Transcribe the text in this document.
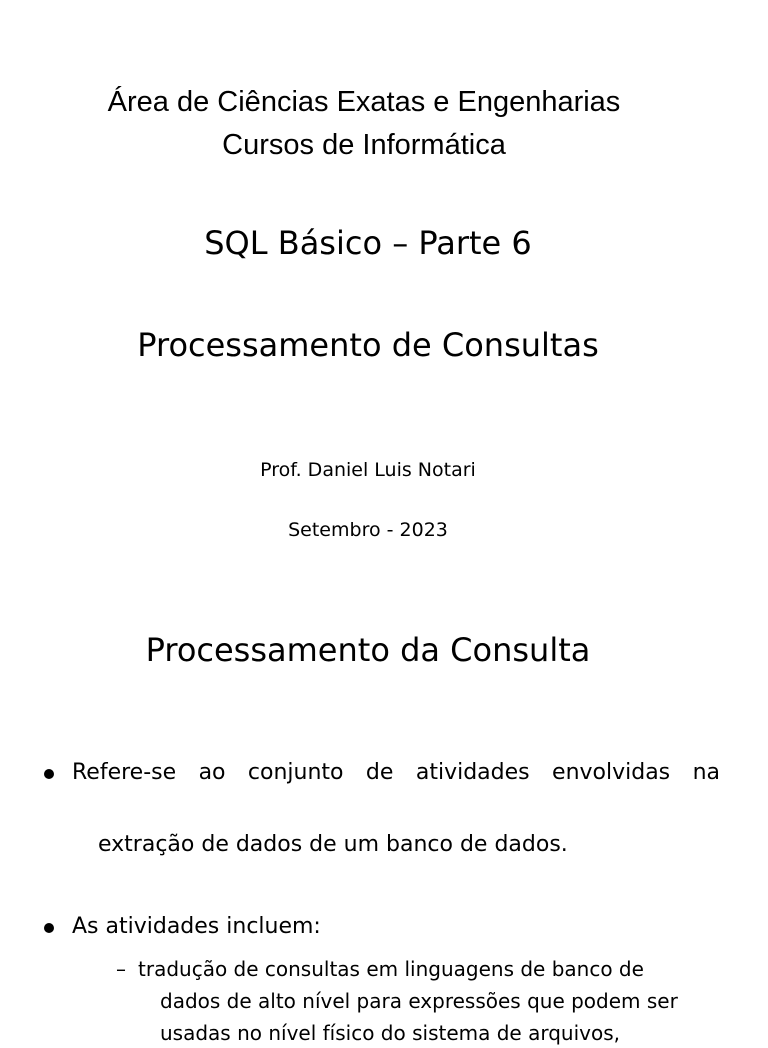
Área de Ciências Exatas e Engenharias
Cursos de Informática
SQL Básico – Parte 6
Processamento de Consultas
Prof. Daniel Luis Notari
Setembro - 2023
Processamento da Consulta
Refere-se ao conjunto de atividades envolvidas na
extração de dados de um banco de dados.
As atividades incluem:
– tradução de consultas em linguagens de banco de
dados de alto nível para expressões que podem ser
usadas no nível físico do sistema de arquivos,
